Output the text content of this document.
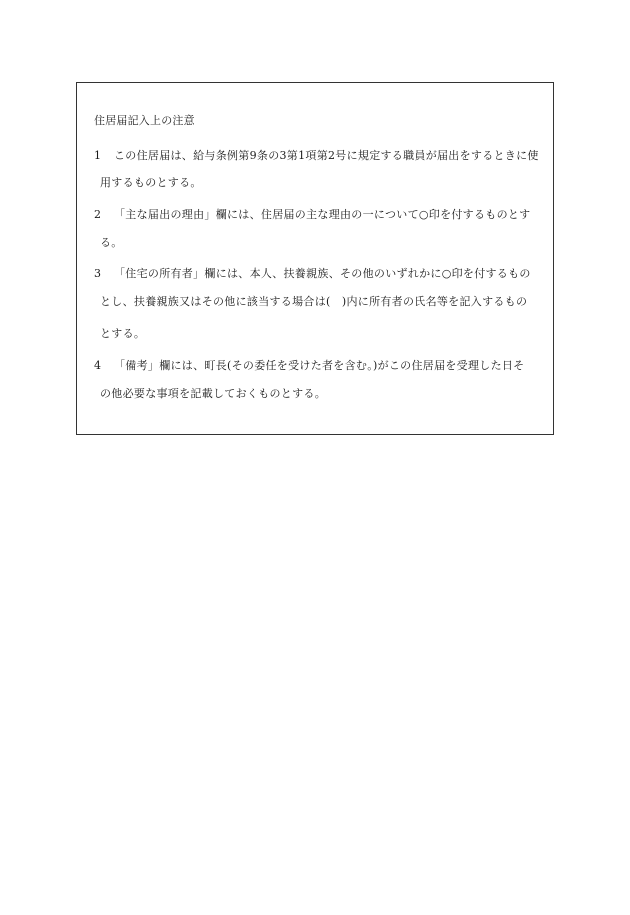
住居届記入上の注意
1 この住居届は、給与条例第9条の3第1項第2号に規定する職員が届出をするときに使
用するものとする。
2 「主な届出の理由」欄には、住居届の主な理由の一について○印を付するものとす
る。
3 「住宅の所有者」欄には、本人、扶養親族、その他のいずれかに○印を付するもの
とし、扶養親族又はその他に該当する場合は(　)内に所有者の氏名等を記入するもの
とする。
4 「備考」欄には、町長(その委任を受けた者を含む。)がこの住居届を受理した日そ
の他必要な事項を記載しておくものとする。
